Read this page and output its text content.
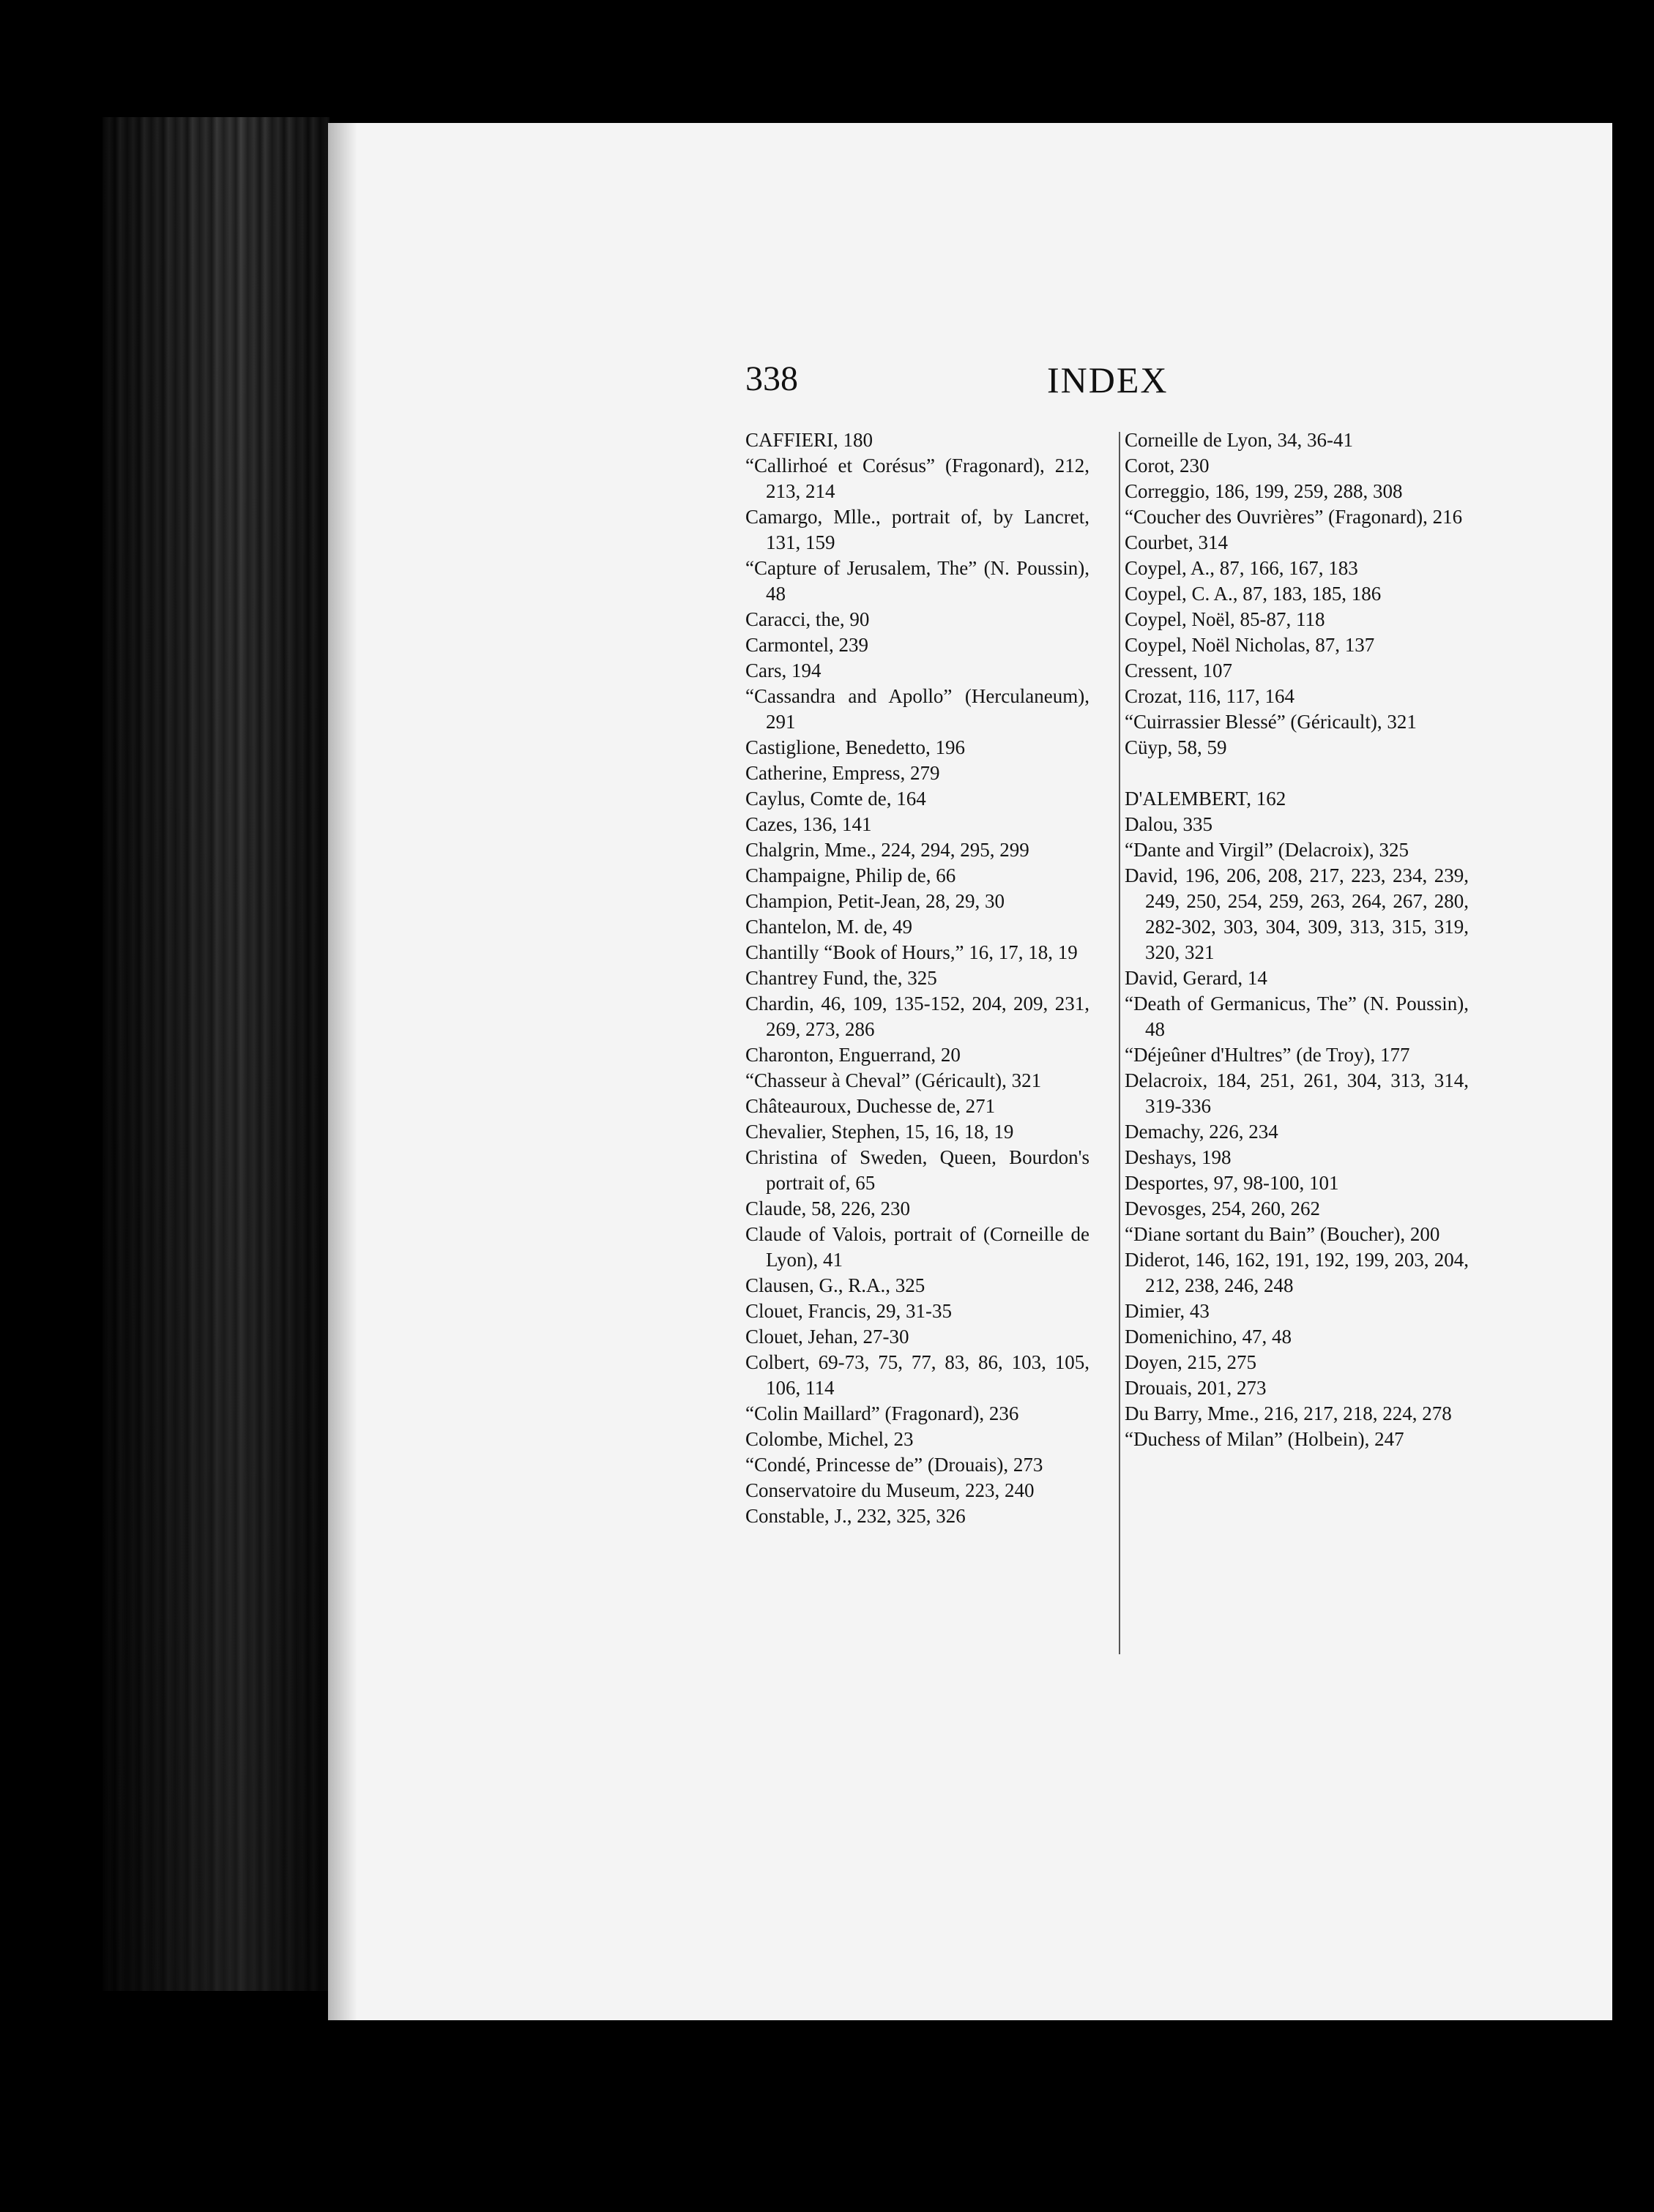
338	INDEX
CAFFIERI, 180
“Callirhoé et Corésus” (Fragonard), 212, 213, 214
Camargo, Mlle., portrait of, by Lancret, 131, 159
“Capture of Jerusalem, The” (N. Poussin), 48
Caracci, the, 90
Carmontel, 239
Cars, 194
“Cassandra and Apollo” (Herculaneum), 291
Castiglione, Benedetto, 196
Catherine, Empress, 279
Caylus, Comte de, 164
Cazes, 136, 141
Chalgrin, Mme., 224, 294, 295, 299
Champaigne, Philip de, 66
Champion, Petit-Jean, 28, 29, 30
Chantelon, M. de, 49
Chantilly “Book of Hours,” 16, 17, 18, 19
Chantrey Fund, the, 325
Chardin, 46, 109, 135-152, 204, 209, 231, 269, 273, 286
Charonton, Enguerrand, 20
“Chasseur à Cheval” (Géricault), 321
Châteauroux, Duchesse de, 271
Chevalier, Stephen, 15, 16, 18, 19
Christina of Sweden, Queen, Bourdon's portrait of, 65
Claude, 58, 226, 230
Claude of Valois, portrait of (Corneille de Lyon), 41
Clausen, G., R.A., 325
Clouet, Francis, 29, 31-35
Clouet, Jehan, 27-30
Colbert, 69-73, 75, 77, 83, 86, 103, 105, 106, 114
“Colin Maillard” (Fragonard), 236
Colombe, Michel, 23
“Condé, Princesse de” (Drouais), 273
Conservatoire du Museum, 223, 240
Constable, J., 232, 325, 326
Corneille de Lyon, 34, 36-41
Corot, 230
Correggio, 186, 199, 259, 288, 308
“Coucher des Ouvrières” (Fragonard), 216
Courbet, 314
Coypel, A., 87, 166, 167, 183
Coypel, C. A., 87, 183, 185, 186
Coypel, Noël, 85-87, 118
Coypel, Noël Nicholas, 87, 137
Cressent, 107
Crozat, 116, 117, 164
“Cuirrassier Blessé” (Géricault), 321
Cüyp, 58, 59
D'ALEMBERT, 162
Dalou, 335
“Dante and Virgil” (Delacroix), 325
David, 196, 206, 208, 217, 223, 234, 239, 249, 250, 254, 259, 263, 264, 267, 280, 282-302, 303, 304, 309, 313, 315, 319, 320, 321
David, Gerard, 14
“Death of Germanicus, The” (N. Poussin), 48
“Déjeûner d'Hultres” (de Troy), 177
Delacroix, 184, 251, 261, 304, 313, 314, 319-336
Demachy, 226, 234
Deshays, 198
Desportes, 97, 98-100, 101
Devosges, 254, 260, 262
“Diane sortant du Bain” (Boucher), 200
Diderot, 146, 162, 191, 192, 199, 203, 204, 212, 238, 246, 248
Dimier, 43
Domenichino, 47, 48
Doyen, 215, 275
Drouais, 201, 273
Du Barry, Mme., 216, 217, 218, 224, 278
“Duchess of Milan” (Holbein), 247
